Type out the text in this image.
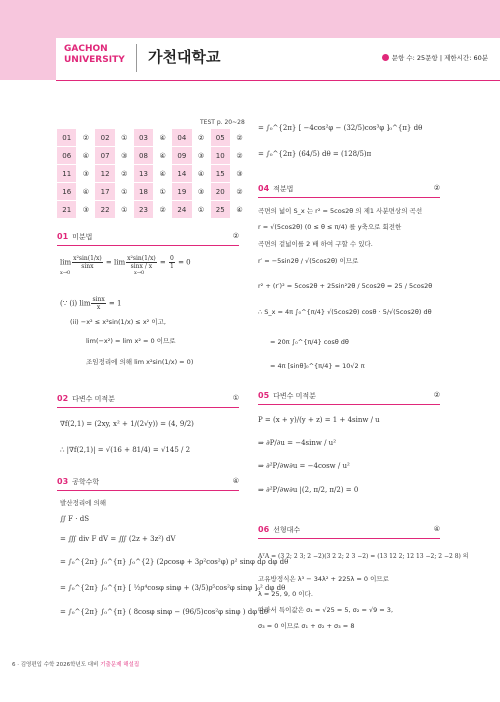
GACHON
UNIVERSITY 가천대학교	문항 수: 25문항 | 제한시간: 60분
TEST p. 20~28
01	②	02	①	03	④	04	②	05	②
06	④	07	③	08	④	09	③	10	②
11	③	12	②	13	④	14	④	15	③
16	④	17	①	18	①	19	③	20	②
21	③	22	①	23	②	24	①	25	④
01 미분법	②
$\lim \frac{\text{x²sin(1/x)}}{\sin x} = \lim \frac{\text{x²sin(1/x)}}{\sin x / x} = \frac{0}{1} = 0$
x→0	x→0
(∵ (i) $\lim \frac{\sin x}{x} = 1$
(ii) −x² ≤ x²sin(1/x) ≤ x² 이고,
lim(−x²) = lim x² = 0 이므로
조임정리에 의해 lim x²sin(1/x) = 0)
02 다변수 미적분	①
∇f(2,1) = (2xy, x² + 1/(2√y)) = (4, 9/2)
∴ |∇f(2,1)| = √(16 + 81/4) = √145 / 2
03 공학수학	④
발산정리에 의해
∬ F · dS
= ∭ div F dV = ∭ (2z + 3z²) dV
= ∫₀^{2π} ∫₀^{π} ∫₀^{2} (2ρcosφ + 3ρ²cos²φ) ρ² sinφ dρ dφ dθ
= ∫₀^{2π} ∫₀^{π} [ ½ρ⁴cosφ sinφ + (3/5)ρ⁵cos²φ sinφ ]₀² dφ dθ
= ∫₀^{2π} ∫₀^{π} ( 8cosφ sinφ − (96/5)cos²φ sinφ ) dφ dθ
= ∫₀^{2π} [ −4cos²φ − (32/5)cos³φ ]₀^{π} dθ
= ∫₀^{2π} (64/5) dθ = (128/5)π
04 적분법	②
곡면의 넓이 S_x 는 r² = 5cos2θ 의 제1 사분면상의 곡선
r = √(5cos2θ) (0 ≤ θ ≤ π/4) 를 y축으로 회전한
곡면의 겉넓이를 2 배 하여 구할 수 있다.
r′ = −5sin2θ / √(5cos2θ) 이므로
r² + (r′)² = 5cos2θ + 25sin²2θ / 5cos2θ = 25 / 5cos2θ
∴ S_x = 4π ∫₀^{π/4} √(5cos2θ) cosθ · 5/√(5cos2θ) dθ
= 20π ∫₀^{π/4} cosθ dθ
= 4π [sinθ]₀^{π/4} = 10√2 π
05 다변수 미적분	②
P = (x + y)/(y + z) = 1 + 4sinw / u
⇒ ∂P/∂u = −4sinw / u²
⇒ ∂²P/∂w∂u = −4cosw / u²
⇒ ∂²P/∂w∂u |(2, π/2, π/2) = 0
06 선형대수	④
AᵀA = (3 2; 2 3; 2 −2)(3 2 2; 2 3 −2) = (13 12 2; 12 13 −2; 2 −2 8) 의
고유방정식은 λ³ − 34λ² + 225λ = 0 이므로
λ = 25, 9, 0 이다.
따라서 특이값은 σ₁ = √25 = 5, σ₂ = √9 = 3,
σ₃ = 0 이므로 σ₁ + σ₂ + σ₃ = 8
6 · 김영편입 수학 2026학년도 대비 기출문제 해설집
